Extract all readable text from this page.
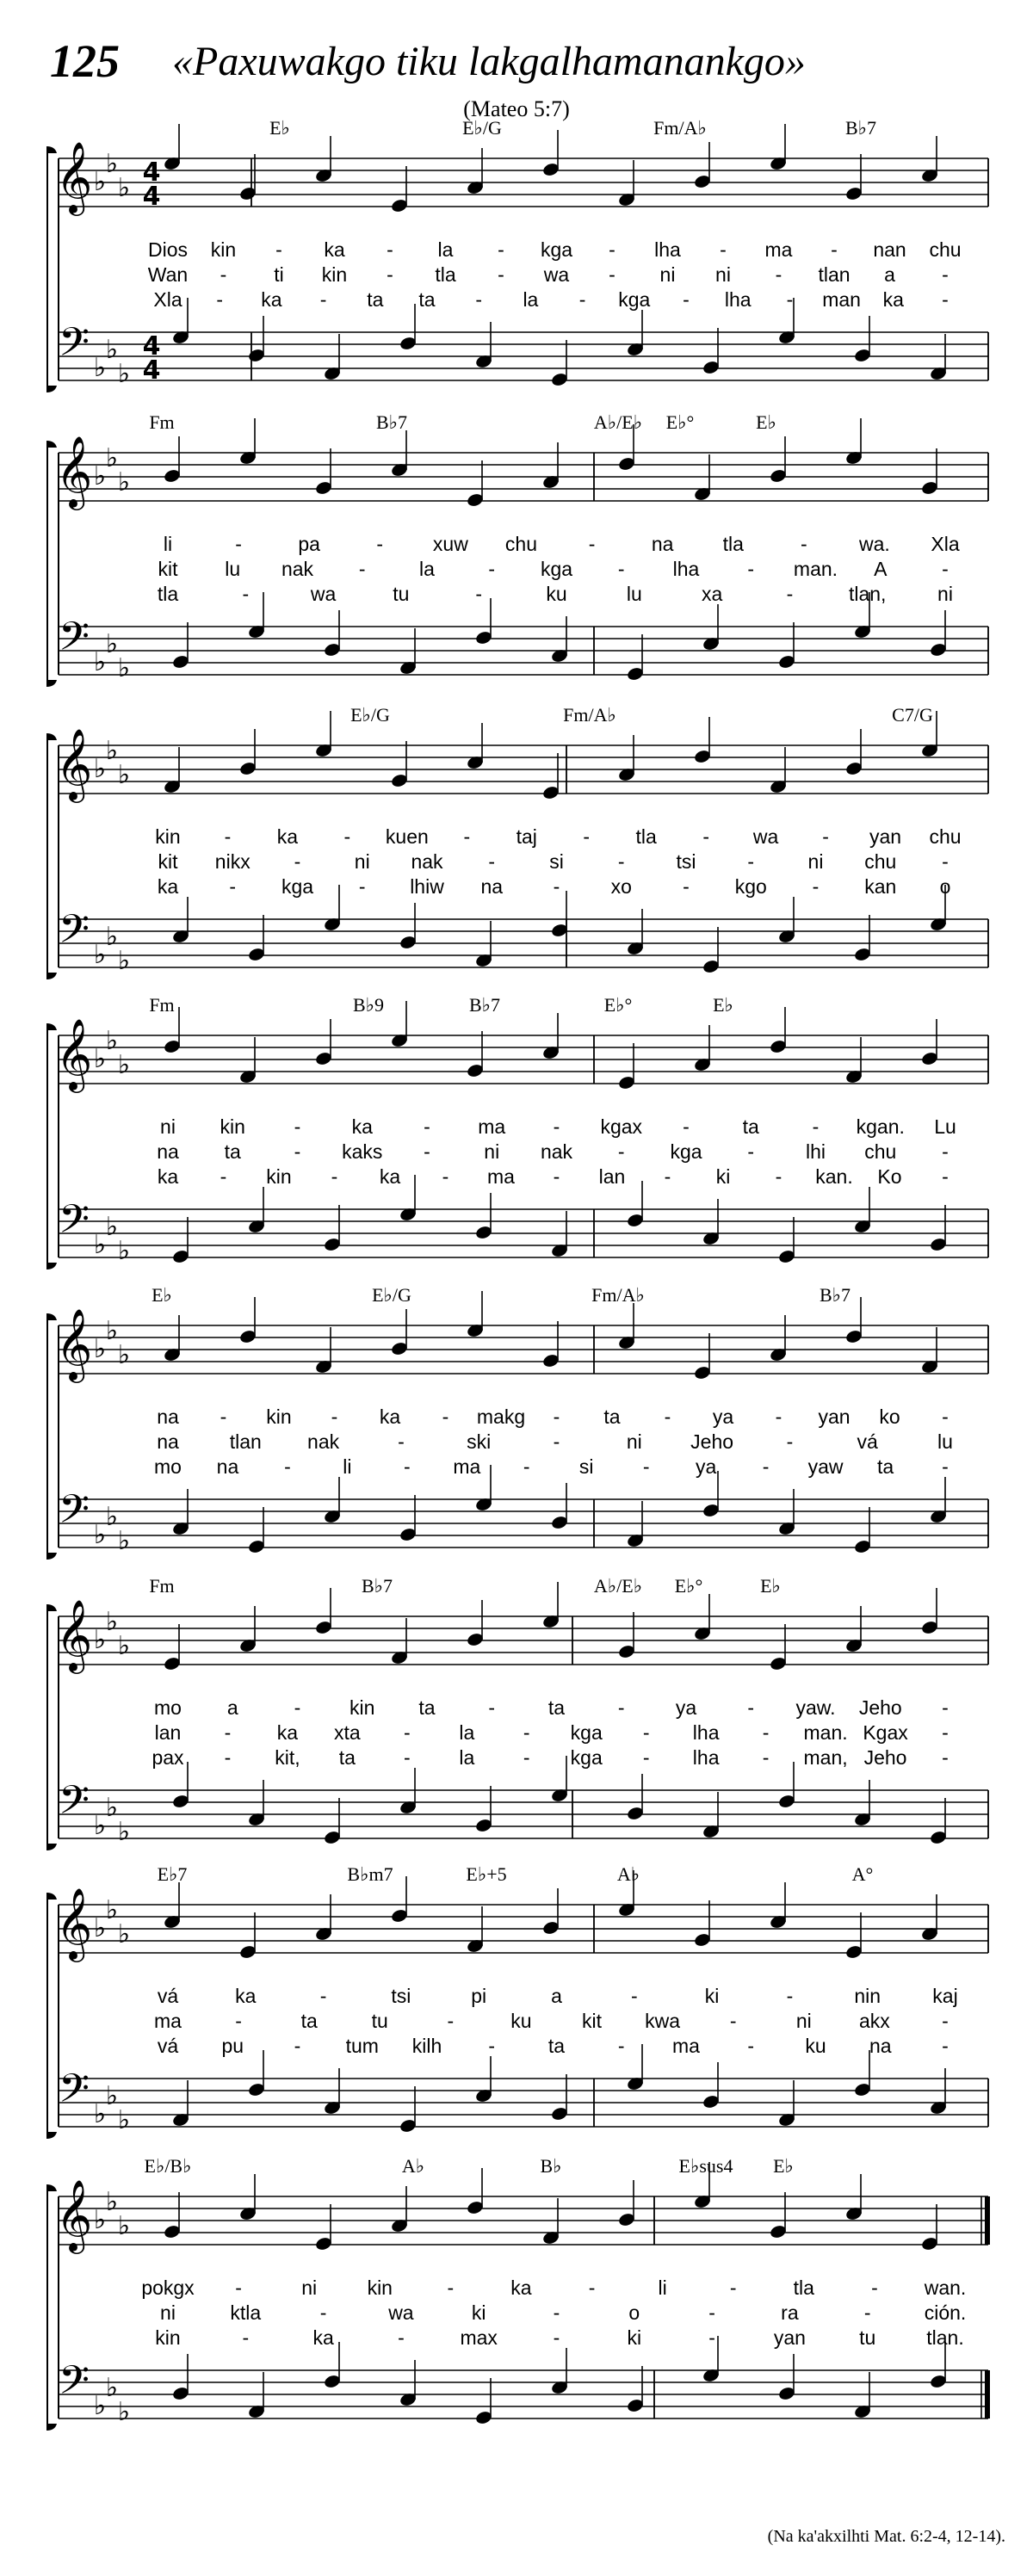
125 «Paxuwakgo tiku lakgalhamanankgo»
(Mateo 5:7)
𝄞
𝄢
♭
♭
♭
♭
♭
♭
4
4
4
4
E♭	E♭/G	Fm/A♭	B♭7
Dios kin - ka - la - kga - lha - ma - nan chu
Wan - ti kin - tla - wa - ni ni - tlan a -
Xla - ka - ta ta - la - kga - lha - man ka -
𝄞
𝄢
♭
♭
♭
♭
♭
♭
Fm	B♭7	A♭/E♭ E♭°	E♭
li	-	pa	-	xuw chu	-	na tla	-	wa. Xla
kit lu nak -	la	- kga - lha - man. A	-
tla	-	wa	tu	-	ku	lu	xa	-	tlan,	ni
𝄞
𝄢
♭
♭
♭
♭
♭
♭
E♭/G	Fm/A♭	C7/G
kin - ka - kuen - taj - tla - wa - yan chu
kit nikx -	ni nak -	si	-	tsi	-	ni chu -
ka	- kga - lhiw na	-	xo	- kgo - kan o
𝄞
𝄢
♭
♭
♭
♭
♭
♭
Fm	B♭9	B♭7	E♭°	E♭
ni kin -	ka	- ma - kgax -	ta	- kgan. Lu
na ta	- kaks -	ni nak - kga -	lhi chu -
ka - kin - ka - ma - lan - ki - kan. Ko -
𝄞
𝄢
♭
♭
♭
♭
♭
♭
E♭	E♭/G	Fm/A♭	B♭7
na - kin - ka - makg - ta - ya - yan ko -
na	tlan nak	-	ski	-	ni Jeho	-	vá	lu
mo na -	li	- ma - si - ya - yaw ta -
𝄞
𝄢
♭
♭
♭
♭
♭
♭
Fm	B♭7	A♭/E♭ E♭°	E♭
mo a	- kin ta	-	ta	-	ya	- yaw. Jeho -
lan - ka xta - la - kga - lha - man. Kgax -
pax - kit, ta - la - kga - lha - man, Jeho -
𝄞
𝄢
♭
♭
♭
♭
♭
♭
E♭7	B♭m7	E♭+5	A♭	A°
vá	ka	-	tsi	pi	a	-	ki	-	nin	kaj
ma	-	ta	tu	-	ku	kit kwa	-	ni akx	-
vá pu	- tum kilh -	ta	- ma -	ku na	-
𝄞
𝄢
♭
♭
♭
♭
♭
♭
E♭/B♭	A♭	B♭	E♭sus4 E♭
pokgx -	ni	kin	-	ka	-	li	-	tla	- wan.
ni	ktla	-	wa	ki	-	o	-	ra	-	ción.
kin	-	ka	-	max	-	ki	-	yan	tu	tlan.
(Na ka'akxilhti Mat. 6:2-4, 12-14).
